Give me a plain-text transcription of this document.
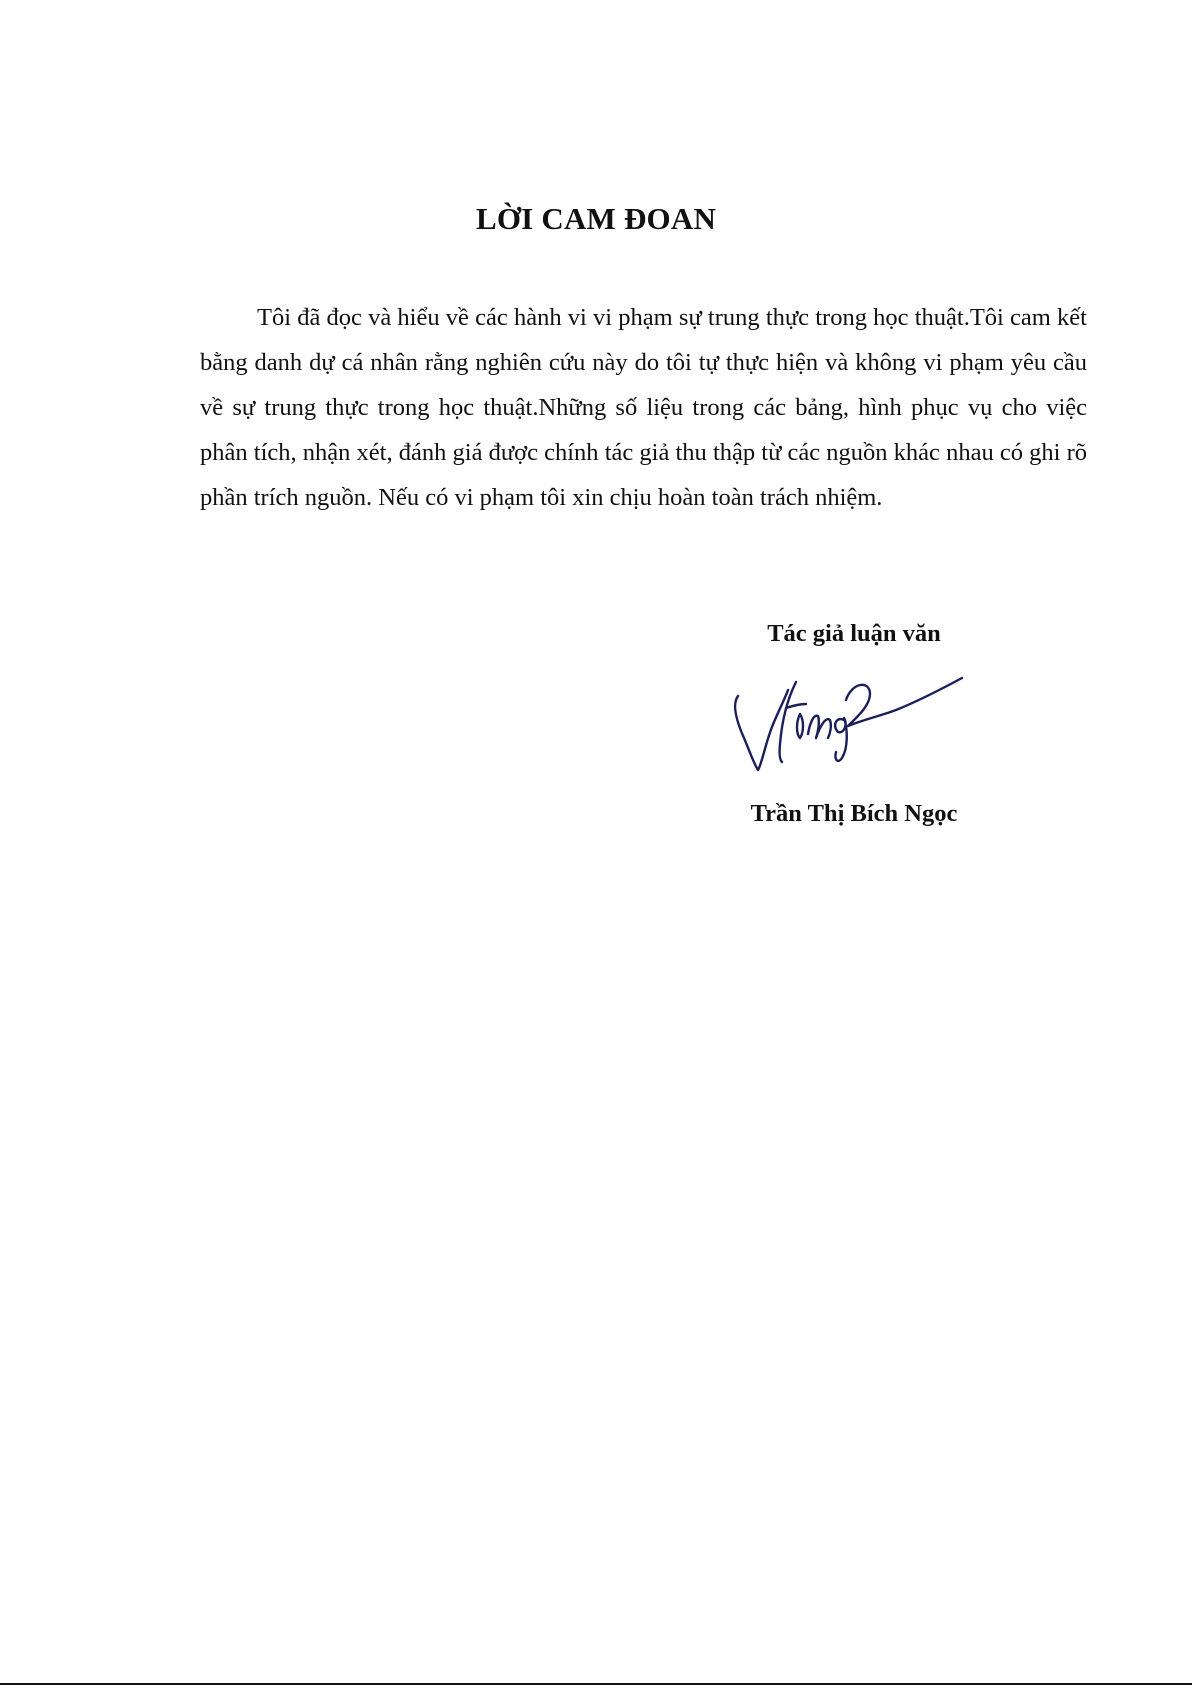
LỜI CAM ĐOAN

Tôi đã đọc và hiểu về các hành vi vi phạm sự trung thực trong học thuật.Tôi cam kết bằng danh dự cá nhân rằng nghiên cứu này do tôi tự thực hiện và không vi phạm yêu cầu về sự trung thực trong học thuật.Những số liệu trong các bảng, hình phục vụ cho việc phân tích, nhận xét, đánh giá được chính tác giả thu thập từ các nguồn khác nhau có ghi rõ phần trích nguồn. Nếu có vi phạm tôi xin chịu hoàn toàn trách nhiệm.

Tác giả luận văn
Trần Thị Bích Ngọc
